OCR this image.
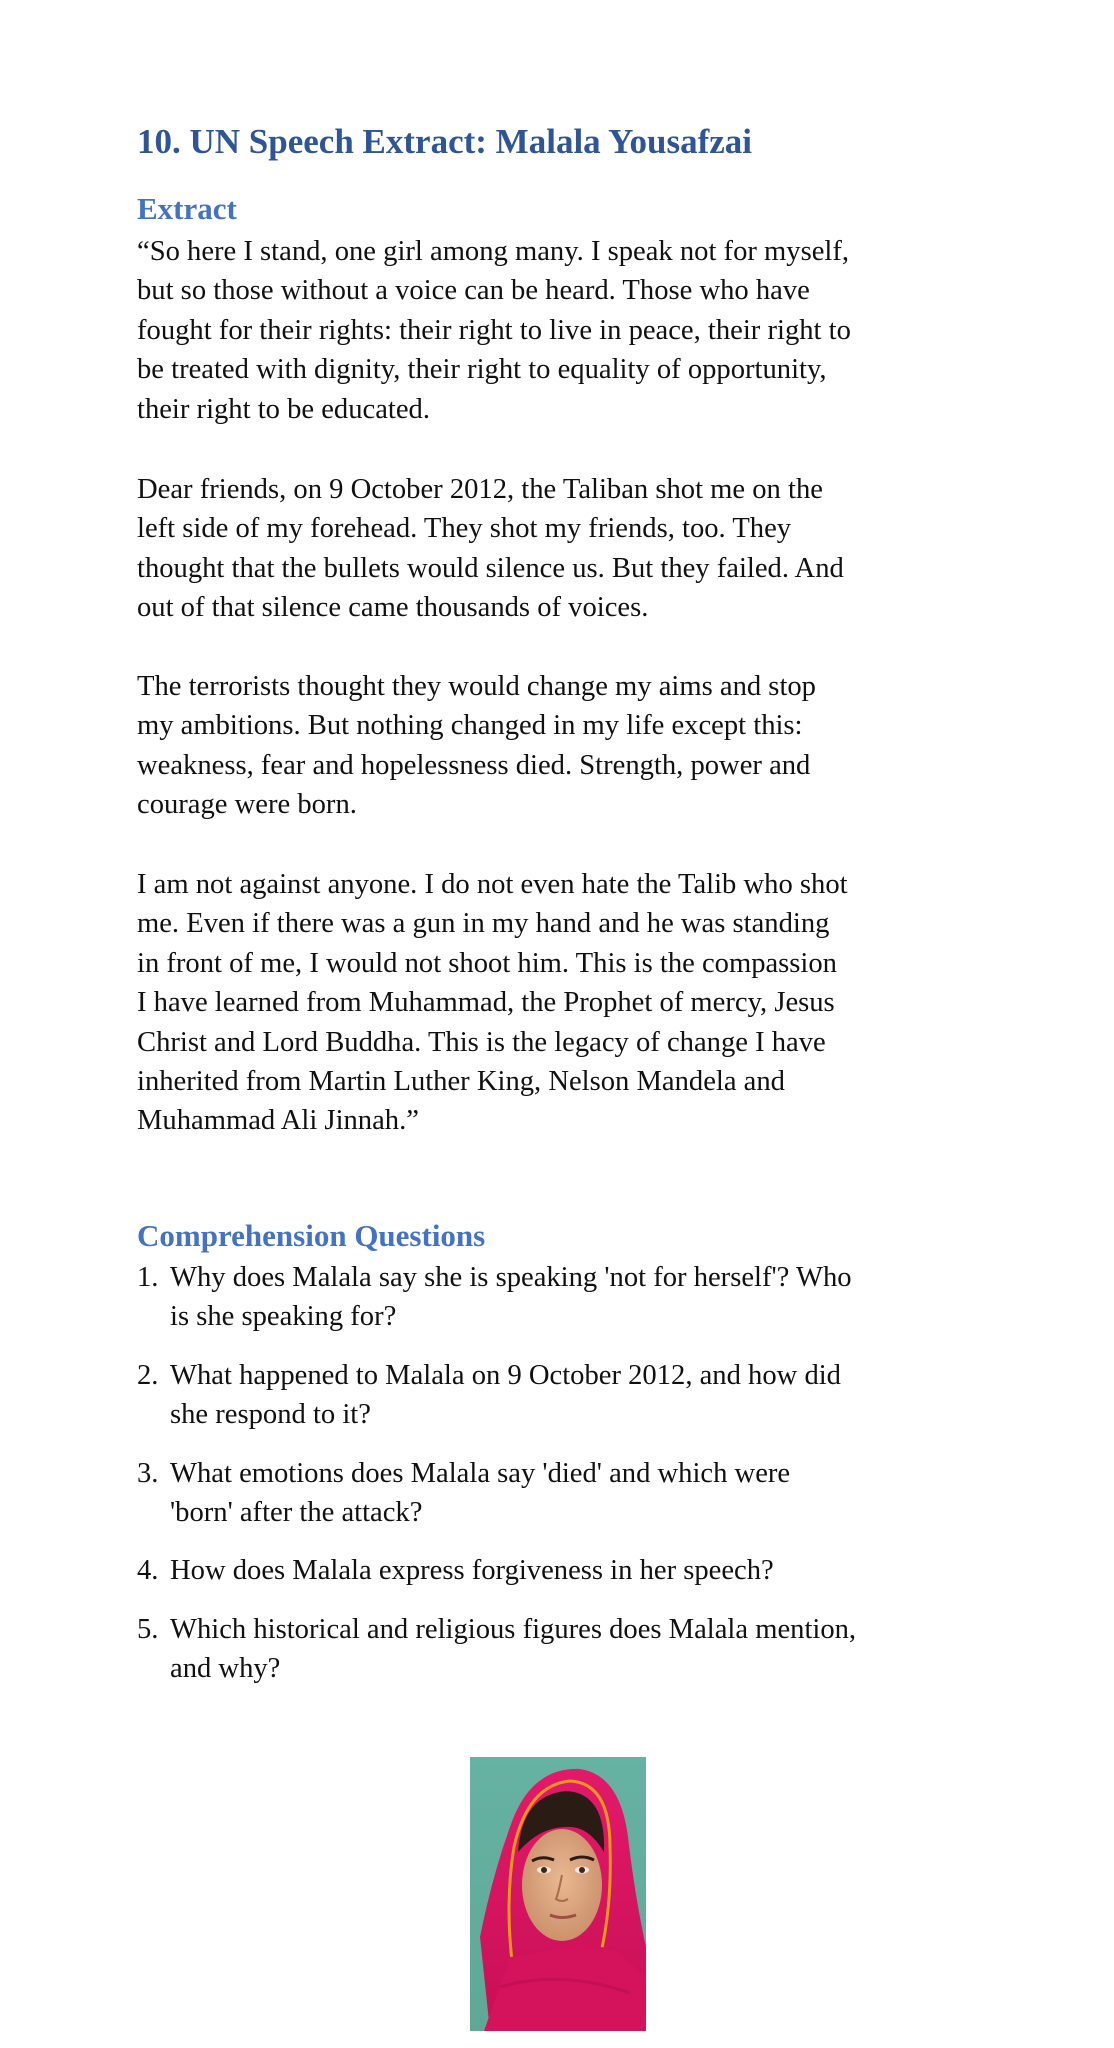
10. UN Speech Extract: Malala Yousafzai
Extract

“So here I stand, one girl among many. I speak not for myself,
but so those without a voice can be heard. Those who have
fought for their rights: their right to live in peace, their right to
be treated with dignity, their right to equality of opportunity,
their right to be educated.

Dear friends, on 9 October 2012, the Taliban shot me on the
left side of my forehead. They shot my friends, too. They
thought that the bullets would silence us. But they failed. And
out of that silence came thousands of voices.

The terrorists thought they would change my aims and stop
my ambitions. But nothing changed in my life except this:
weakness, fear and hopelessness died. Strength, power and
courage were born.

I am not against anyone. I do not even hate the Talib who shot
me. Even if there was a gun in my hand and he was standing
in front of me, I would not shoot him. This is the compassion
I have learned from Muhammad, the Prophet of mercy, Jesus
Christ and Lord Buddha. This is the legacy of change I have
inherited from Martin Luther King, Nelson Mandela and
Muhammad Ali Jinnah.”

Comprehension Questions
1. Why does Malala say she is speaking 'not for herself'? Who
is she speaking for?
2. What happened to Malala on 9 October 2012, and how did
she respond to it?
3. What emotions does Malala say 'died' and which were
'born' after the attack?
4. How does Malala express forgiveness in her speech?
5. Which historical and religious figures does Malala mention,
and why?
